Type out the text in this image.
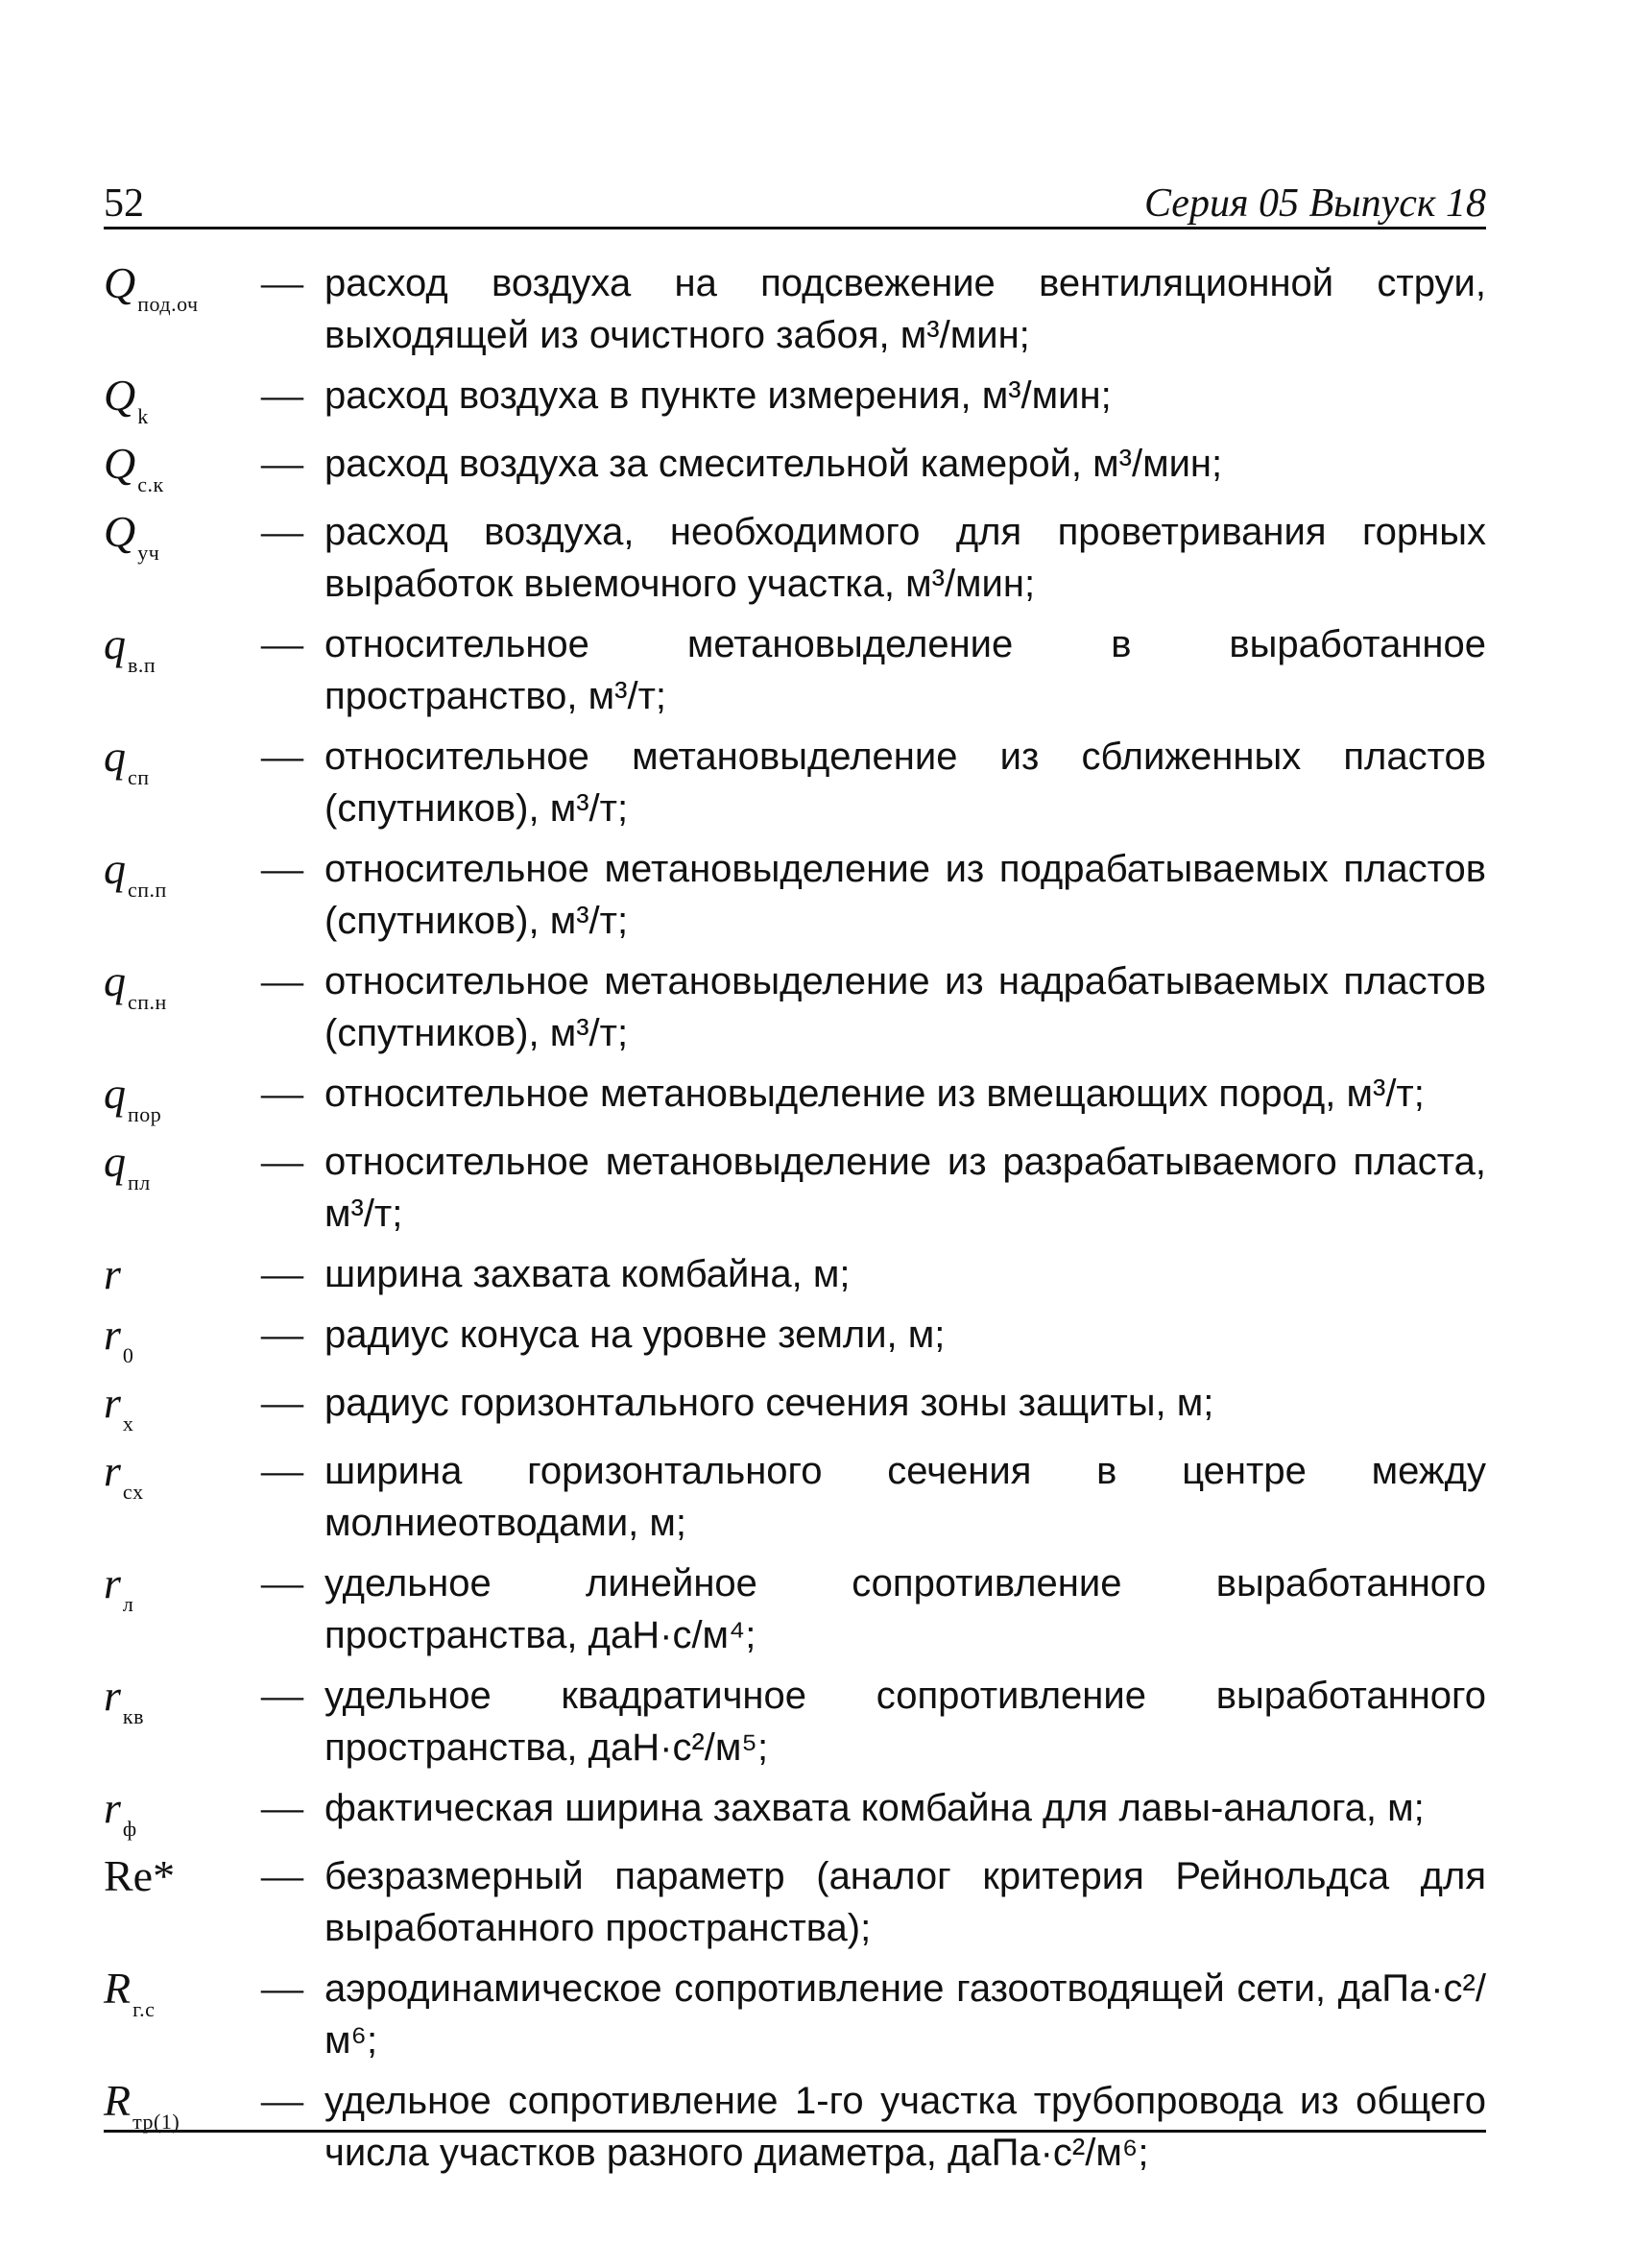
52	Серия 05 Выпуск 18
$Q_{под.оч}$	— расход воздуха на подсвежение вентиляционной струи, выходящей из очистного забоя, м³/мин;
$Q_k$	— расход воздуха в пункте измерения, м³/мин;
$Q_{с.к}$	— расход воздуха за смесительной камерой, м³/мин;
$Q_{уч}$	— расход воздуха, необходимого для проветривания горных выработок выемочного участка, м³/мин;
$q_{в.п}$	— относительное метановыделение в выработанное пространство, м³/т;
$q_{сп}$	— относительное метановыделение из сближенных пластов (спутников), м³/т;
$q_{сп.п}$	— относительное метановыделение из подрабатываемых пластов (спутников), м³/т;
$q_{сп.н}$	— относительное метановыделение из надрабатываемых пластов (спутников), м³/т;
$q_{пор}$	— относительное метановыделение из вмещающих пород, м³/т;
$q_{пл}$	— относительное метановыделение из разрабатываемого пласта, м³/т;
r	— ширина захвата комбайна, м;
$r_0$	— радиус конуса на уровне земли, м;
$r_x$	— радиус горизонтального сечения зоны защиты, м;
$r_{cx}$	— ширина горизонтального сечения в центре между молниеотводами, м;
$r_л$	— удельное линейное сопротивление выработанного пространства, даН·с/м⁴;
$r_{кв}$	— удельное квадратичное сопротивление выработанного пространства, даН·с²/м⁵;
$r_ф$	— фактическая ширина захвата комбайна для лавы-аналога, м;
Re*	— безразмерный параметр (аналог критерия Рейнольдса для выработанного пространства);
$R_{г.с}$	— аэродинамическое сопротивление газоотводящей сети, даПа·с²/м⁶;
$R_{тр(1)}$	— удельное сопротивление 1-го участка трубопровода из общего числа участков разного диаметра, даПа·с²/м⁶;
